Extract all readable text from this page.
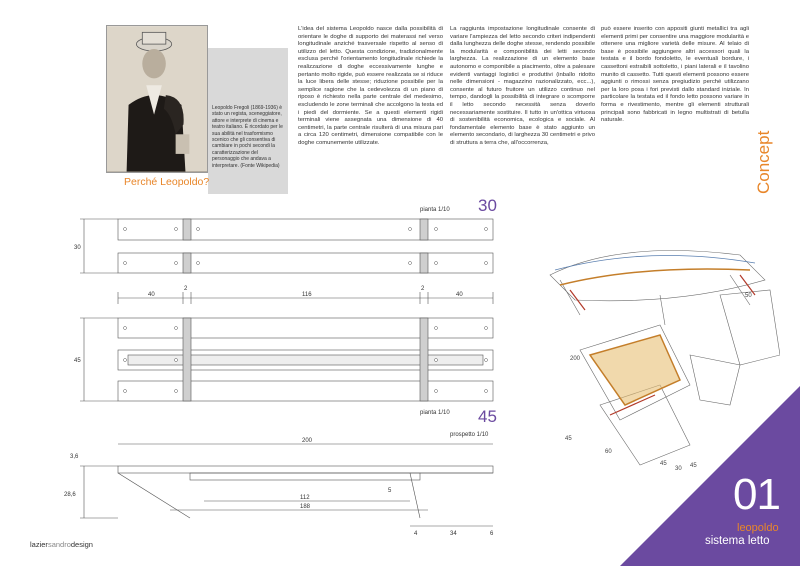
Leopoldo Fregoli (1869-1936) è stato un regista, sceneggiatore, attore e interprete di cinema e teatro italiano. È ricordato per le sua abilità nel trasformismo scenico che gli consentiva di cambiare in pochi secondi la caratterizzazione del personaggio che andava a interpretare. (Fonte Wikipedia)
Perché Leopoldo?
L'idea del sistema Leopoldo nasce dalla possibilità di orientare le doghe di supporto dei materassi nel verso longitudinale anziché trasversale rispetto al senso di utilizzo del letto. Questa condizione, tradizionalmente esclusa perché l'orientamento longitudinale richiede la realizzazione di doghe eccessivamente lunghe e pertanto molto rigide, può essere realizzata se si riduce la luce libera delle stesse; riduzione possibile per la semplice ragione che la cedevolezza di un piano di riposo è richiesto nella parte centrale del medesimo, escludendo le zone terminali che accolgono la testa ed i piedi del dormiente. Se a questi elementi rigidi terminali viene assegnata una dimensione di 40 centimetri, la parte centrale risulterà di una misura pari a circa 120 centimetri, dimensione compatibile con le doghe comunemente utilizzate.
La raggiunta impostazione longitudinale consente di variare l'ampiezza del letto secondo criteri indipendenti dalla lunghezza delle doghe stesse, rendendo possibile la modularità e componibilità dei letti secondo larghezza. La realizzazione di un elemento base autonomo e componibile a piacimento, oltre a palesare evidenti vantaggi logistici e produttivi (inballo ridotto nelle dimensioni - magazzino razionalizzato, ecc...), consente al futuro fruitore un utilizzo continuo nel tempo, dandogli la possibilità di integrare o scomporre il letto secondo necessità senza doverlo necessariamente sostituire. Il tutto in un'ottica virtuosa di sostenibilità economica, ecologica e sociale. Al fondamentale elemento base è stato aggiunto un elemento secondario, di larghezza 30 centimetri e privo di struttura a terra che, all'occorrenza,
può essere inserito con appositi giunti metallici tra agli elementi primi per consentire una maggiore modularità e ottenere una migliore varietà delle misure. Al telaio di base è possibile aggiungere altri accessori quali la testata e il bordo fondoletto, le eventuali bordure, i cassettoni estraibili sottoletto, i piani laterali e il tavolino munito di cassetto. Tutti questi elementi possono essere aggiunti o rimossi senza pregiudizio perché utilizzano per la loro posa i fori previsti dallo standard iniziale. In particolare la testata ed il fondo letto possono variare in forma e rivestimento, mentre gli elementi strutturali principali sono fabbricati in legno multistrati di betulla naturale.
Concept
pianta 1/10 30
pianta 1/10 45
prospetto 1/10
30
40
2
116
2
40
45
200
3,6
28,6
5
112
188
4	34	6
200
45
60
45
30 45
50
laziersandrodesign
01
leopoldo
sistema letto
